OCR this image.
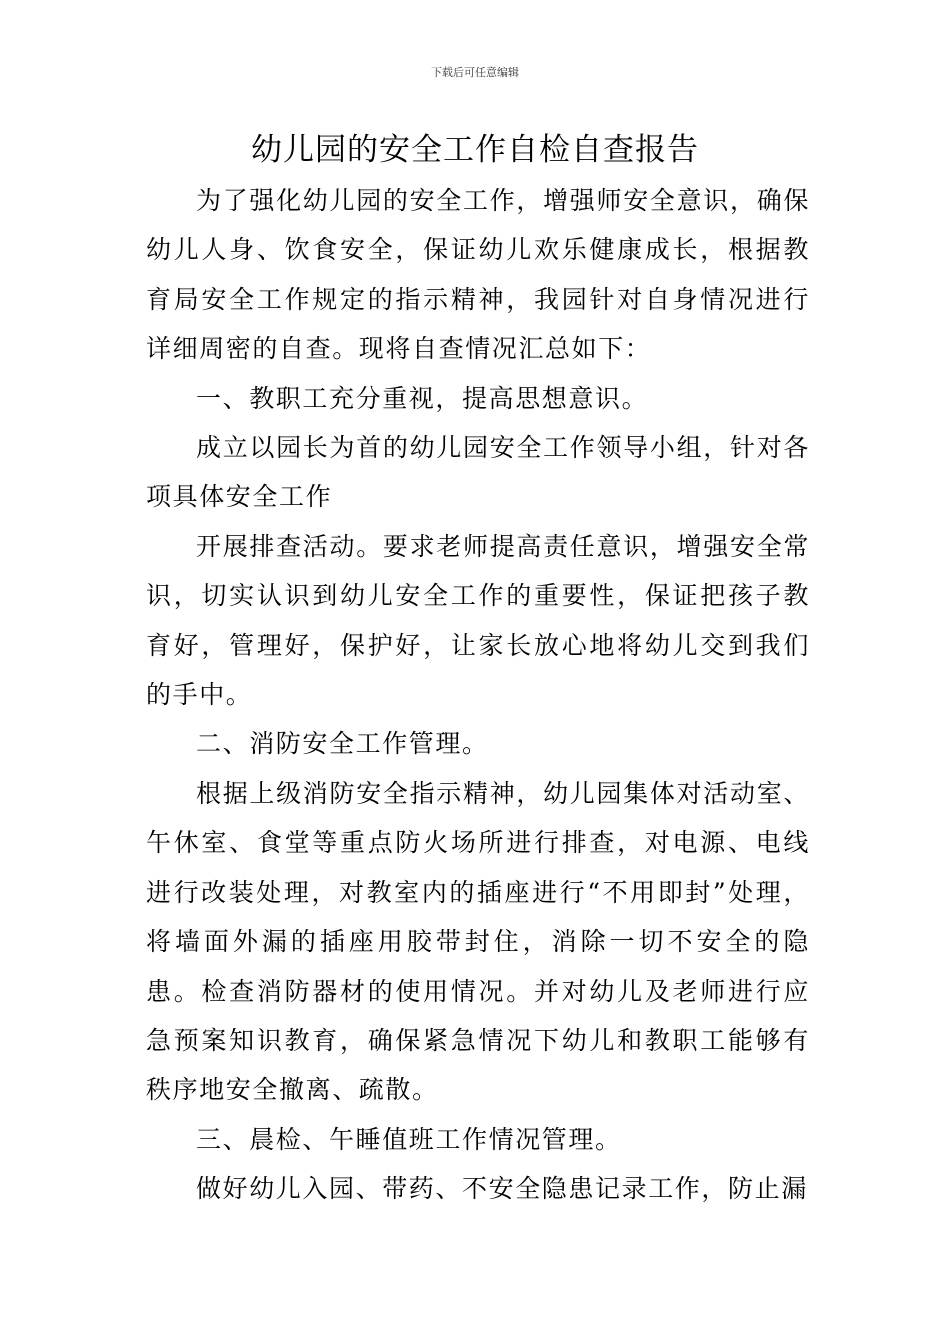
下载后可任意编辑
幼儿园的安全工作自检自查报告

为了强化幼儿园的安全工作，增强师安全意识，确保幼儿人身、饮食安全，保证幼儿欢乐健康成长，根据教育局安全工作规定的指示精神，我园针对自身情况进行详细周密的自查。现将自查情况汇总如下：

一、教职工充分重视，提高思想意识。

成立以园长为首的幼儿园安全工作领导小组，针对各项具体安全工作

开展排查活动。要求老师提高责任意识，增强安全常识，切实认识到幼儿安全工作的重要性，保证把孩子教育好，管理好，保护好，让家长放心地将幼儿交到我们的手中。

二、消防安全工作管理。

根据上级消防安全指示精神，幼儿园集体对活动室、午休室、食堂等重点防火场所进行排查，对电源、电线进行改装处理，对教室内的插座进行“不用即封”处理，将墙面外漏的插座用胶带封住，消除一切不安全的隐患。检查消防器材的使用情况。并对幼儿及老师进行应急预案知识教育，确保紧急情况下幼儿和教职工能够有秩序地安全撤离、疏散。

三、晨检、午睡值班工作情况管理。

做好幼儿入园、带药、不安全隐患记录工作，防止漏
